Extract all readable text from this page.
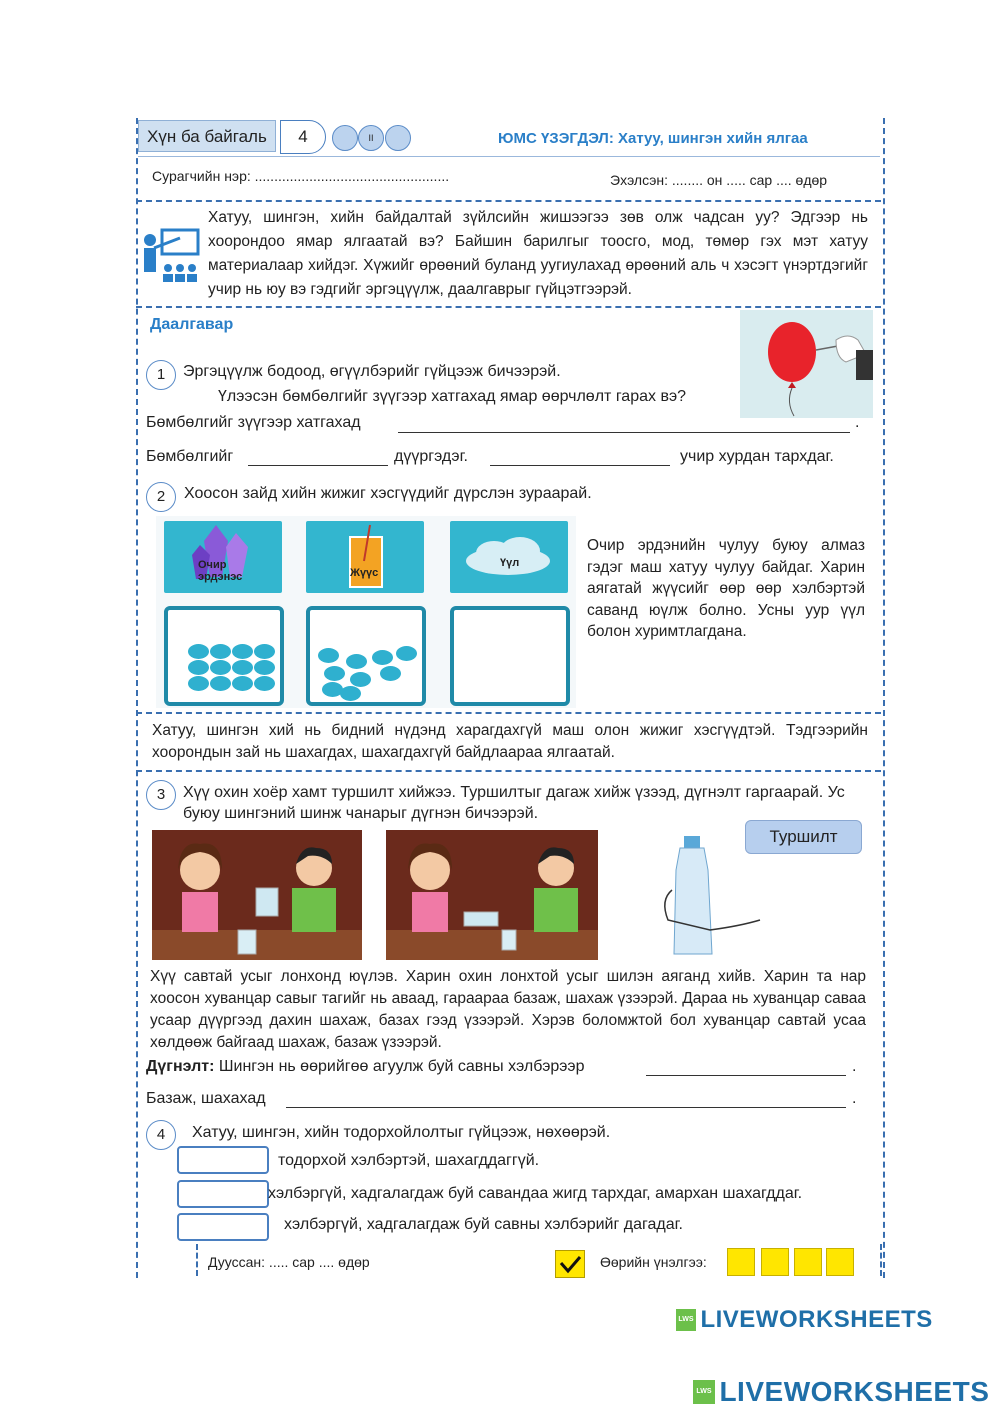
Хүн ба байгаль	4	II	ЮМС ҮЗЭГДЭЛ: Хатуу, шингэн хийн ялгаа
Сурагчийн нэр: ..................................................	Эхэлсэн: ........ он ..... сар .... өдөр
Хатуу, шингэн, хийн байдалтай зүйлсийн жишээгээ зөв олж чадсан уу? Эдгээр нь хоорондоо ямар ялгаатай вэ? Байшин барилгыг тоосго, мод, төмөр гэх мэт хатуу материалаар хийдэг. Хүжийг өрөөний буланд уугиулахад өрөөний аль ч хэсэгт үнэртдэгийг учир нь юу вэ гэдгийг эргэцүүлж, даалгаврыг гүйцэтгээрэй.
Даалгавар
1	Эргэцүүлж бодоод, өгүүлбэрийг гүйцээж бичээрэй.
Үлээсэн бөмбөлгийг зүүгээр хатгахад ямар өөрчлөлт гарах вэ?
Бөмбөлгийг зүүгээр хатгахад	.
Бөмбөлгийг	дүүргэдэг.	учир хурдан тархдаг.
2	Хоосон зайд хийн жижиг хэсгүүдийг дүрслэн зураарай.
Очир эрдэнэс	Жүүс
Үүл
Очир эрдэнийн чулуу буюу алмаз гэдэг маш хатуу чулуу байдаг. Харин аягатай жүүсийг өөр өөр хэлбэртэй саванд юүлж болно. Усны уур үүл болон хуримтлагдана.
Хатуу, шингэн хий нь бидний нүдэнд харагдахгүй маш олон жижиг хэсгүүдтэй. Тэдгээрийн хоорондын зай нь шахагдах, шахагдахгүй байдлаараа ялгаатай.
3	Хүү охин хоёр хамт туршилт хийжээ. Туршилтыг дагаж хийж үзээд, дүгнэлт гаргаарай. Ус буюу шингэний шинж чанарыг дүгнэн бичээрэй.
Туршилт
Хүү савтай усыг лонхонд юүлэв. Харин охин лонхтой усыг шилэн аяганд хийв. Харин та нар хоосон хуванцар савыг тагийг нь аваад, гараараа базаж, шахаж үзээрэй. Дараа нь хуванцар саваа усаар дүүргээд дахин шахаж, базах гээд үзээрэй. Хэрэв боломжтой бол хуванцар савтай усаа хөлдөөж байгаад шахаж, базаж үзээрэй.
Дүгнэлт: Шингэн нь өөрийгөө агуулж буй савны хэлбэрээр	.
Базаж, шахахад	.
4	Хатуу, шингэн, хийн тодорхойлолтыг гүйцээж, нөхөөрэй.
тодорхой хэлбэртэй, шахагддаггүй.
хэлбэргүй, хадгалагдаж буй савандаа жигд тархдаг, амархан шахагддаг.
хэлбэргүй, хадгалагдаж буй савны хэлбэрийг дагадаг.
Дууссан: ..... сар .... өдөр	Өөрийн үнэлгээ:
LWS LIVEWORKSHEETS
LWS LIVEWORKSHEETS
